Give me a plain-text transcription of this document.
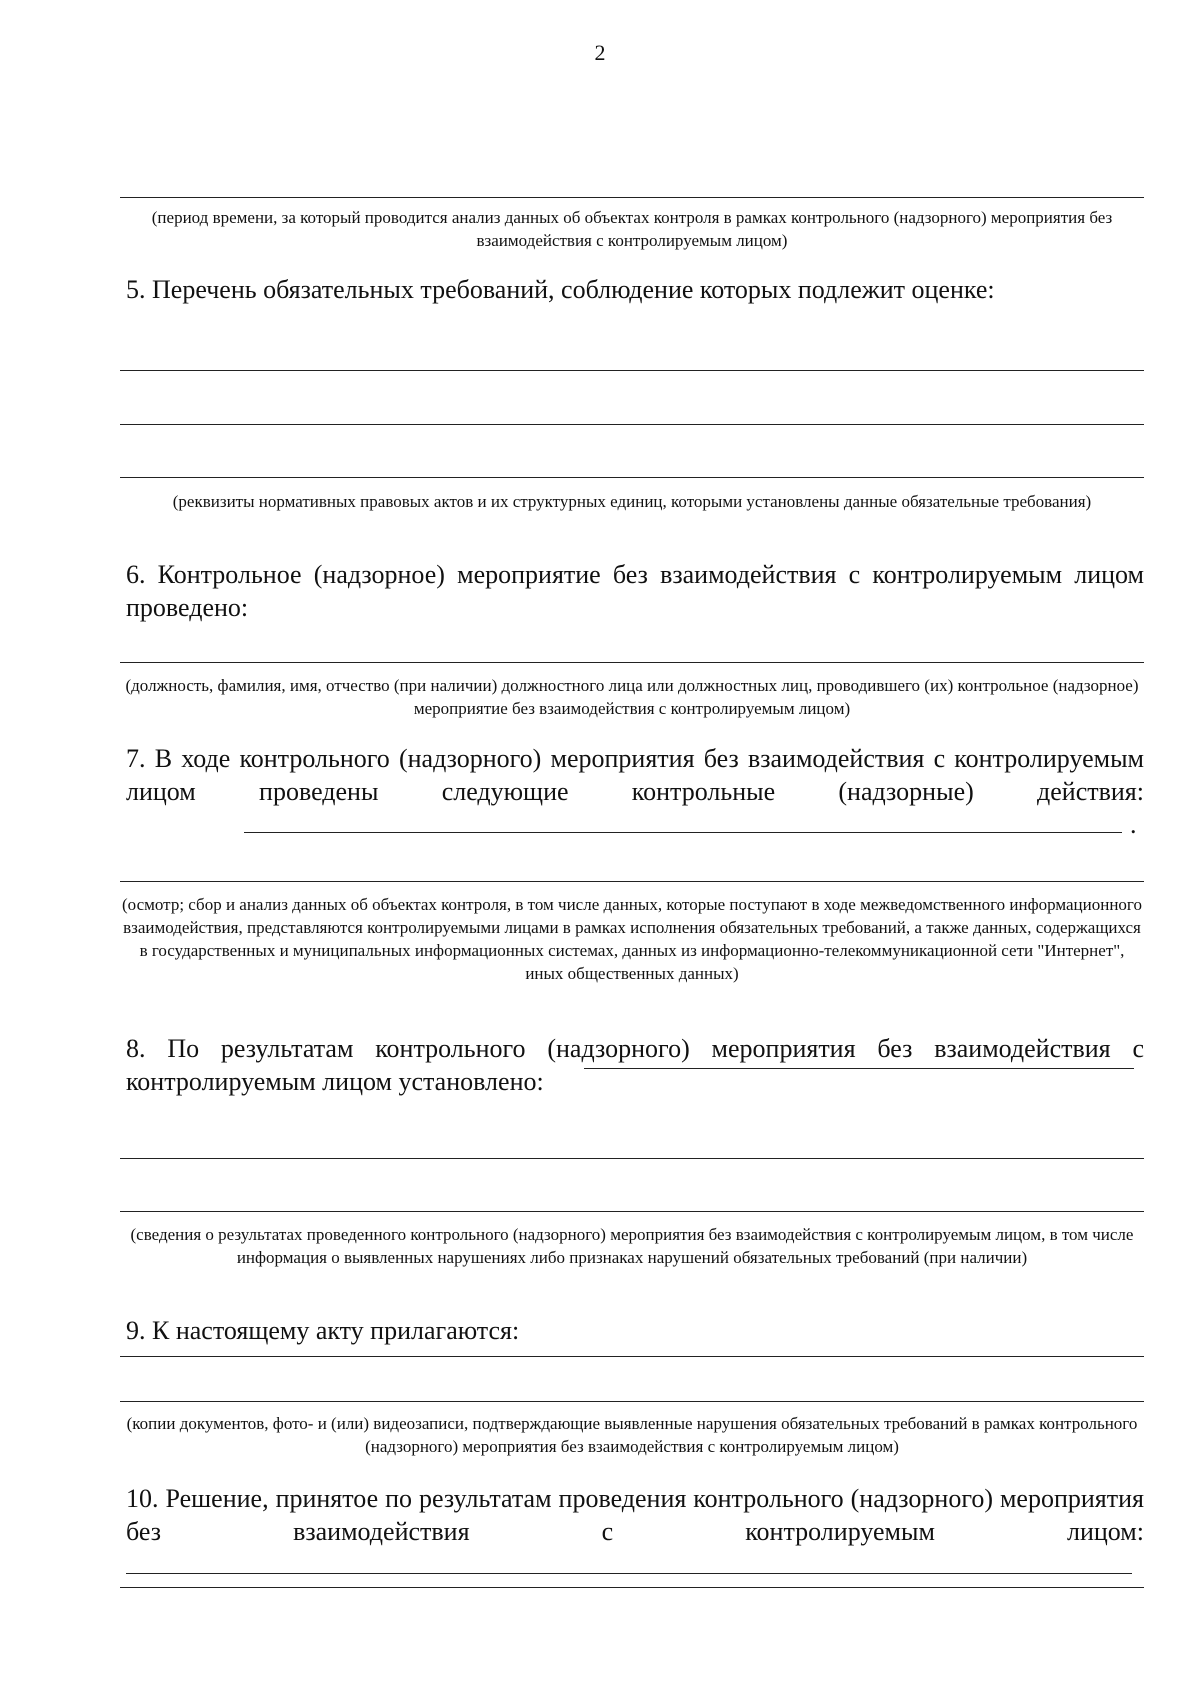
2
(период времени, за который проводится анализ данных об объектах контроля в рамках контрольного (надзорного) мероприятия без взаимодействия с контролируемым лицом)
5. Перечень обязательных требований, соблюдение которых подлежит оценке:
(реквизиты нормативных правовых актов и их структурных единиц, которыми установлены данные обязательные требования)
6. Контрольное (надзорное) мероприятие без взаимодействия с контролируемым лицом проведено:
(должность, фамилия, имя, отчество (при наличии) должностного лица или должностных лиц, проводившего (их) контрольное (надзорное) мероприятие без взаимодействия с контролируемым лицом)
7. В ходе контрольного (надзорного) мероприятия без взаимодействия с контролируемым лицом проведены следующие контрольные (надзорные) действия:
.
(осмотр; сбор и анализ данных об объектах контроля, в том числе данных, которые поступают в ходе межведомственного информационного взаимодействия, представляются контролируемыми лицами в рамках исполнения обязательных требований, а также данных, содержащихся в государственных и муниципальных информационных системах, данных из информационно-телекоммуникационной сети "Интернет", иных общественных данных)
8. По результатам контрольного (надзорного) мероприятия без взаимодействия с контролируемым лицом установлено:
(сведения о результатах проведенного контрольного (надзорного) мероприятия без взаимодействия с контролируемым лицом, в том числе информация о выявленных нарушениях либо признаках нарушений обязательных требований (при наличии)
9. К настоящему акту прилагаются:
(копии документов, фото- и (или) видеозаписи, подтверждающие выявленные нарушения обязательных требований в рамках контрольного (надзорного) мероприятия без взаимодействия с контролируемым лицом)
10. Решение, принятое по результатам проведения контрольного (надзорного) мероприятия без взаимодействия с контролируемым лицом:
